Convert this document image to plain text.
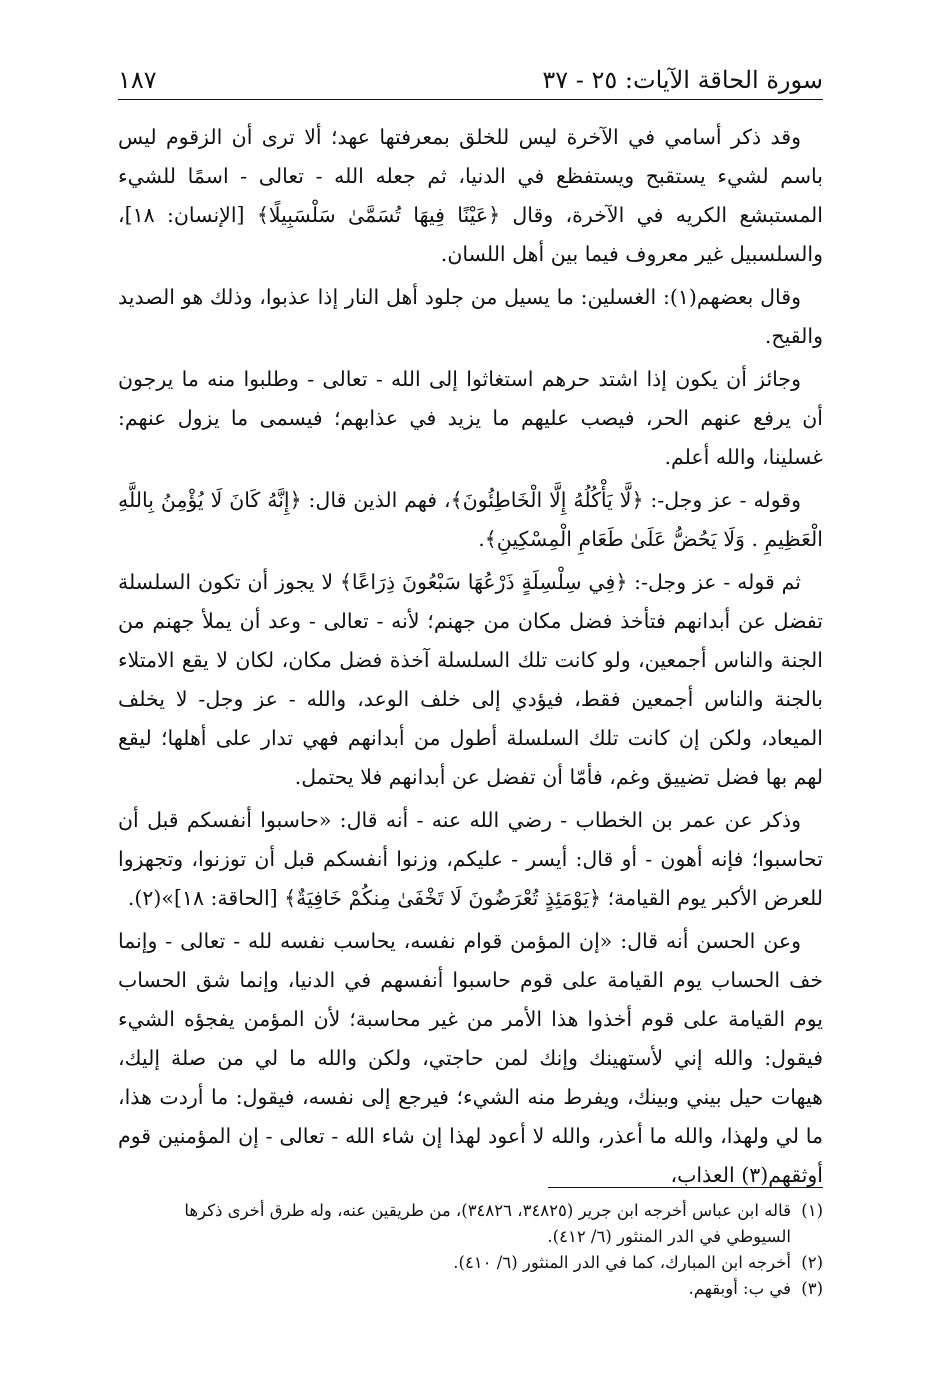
سورة الحاقة الآيات: ٢٥ - ٣٧
١٨٧

وقد ذكر أسامي في الآخرة ليس للخلق بمعرفتها عهد؛ ألا ترى أن الزقوم ليس باسم لشيء يستقبح ويستفظع في الدنيا، ثم جعله الله - تعالى - اسمًا للشيء المستبشع الكريه في الآخرة، وقال ﴿عَيْنًا فِيهَا تُسَمَّىٰ سَلْسَبِيلًا﴾ [الإنسان: ١٨]، والسلسبيل غير معروف فيما بين أهل اللسان.

وقال بعضهم(١): الغسلين: ما يسيل من جلود أهل النار إذا عذبوا، وذلك هو الصديد والقيح.

وجائز أن يكون إذا اشتد حرهم استغاثوا إلى الله - تعالى - وطلبوا منه ما يرجون أن يرفع عنهم الحر، فيصب عليهم ما يزيد في عذابهم؛ فيسمى ما يزول عنهم: غسلينا، والله أعلم.

وقوله - عز وجل-: ﴿لَّا يَأْكُلُهُ إِلَّا الْخَاطِئُونَ﴾، فهم الذين قال: ﴿إِنَّهُ كَانَ لَا يُؤْمِنُ بِاللَّهِ الْعَظِيمِ . وَلَا يَحُضُّ عَلَىٰ طَعَامِ الْمِسْكِينِ﴾.

ثم قوله - عز وجل-: ﴿فِي سِلْسِلَةٍ ذَرْعُهَا سَبْعُونَ ذِرَاعًا﴾ لا يجوز أن تكون السلسلة تفضل عن أبدانهم فتأخذ فضل مكان من جهنم؛ لأنه - تعالى - وعد أن يملأ جهنم من الجنة والناس أجمعين، ولو كانت تلك السلسلة آخذة فضل مكان، لكان لا يقع الامتلاء بالجنة والناس أجمعين فقط، فيؤدي إلى خلف الوعد، والله - عز وجل- لا يخلف الميعاد، ولكن إن كانت تلك السلسلة أطول من أبدانهم فهي تدار على أهلها؛ ليقع لهم بها فضل تضييق وغم، فأمّا أن تفضل عن أبدانهم فلا يحتمل.

وذكر عن عمر بن الخطاب - رضي الله عنه - أنه قال: «حاسبوا أنفسكم قبل أن تحاسبوا؛ فإنه أهون - أو قال: أيسر - عليكم، وزنوا أنفسكم قبل أن توزنوا، وتجهزوا للعرض الأكبر يوم القيامة؛ ﴿يَوْمَئِذٍ تُعْرَضُونَ لَا تَخْفَىٰ مِنكُمْ خَافِيَةٌ﴾ [الحاقة: ١٨]»(٢).

وعن الحسن أنه قال: «إن المؤمن قوام نفسه، يحاسب نفسه لله - تعالى - وإنما خف الحساب يوم القيامة على قوم حاسبوا أنفسهم في الدنيا، وإنما شق الحساب يوم القيامة على قوم أخذوا هذا الأمر من غير محاسبة؛ لأن المؤمن يفجؤه الشيء فيقول: والله إني لأستهينك وإنك لمن حاجتي، ولكن والله ما لي من صلة إليك، هيهات حيل بيني وبينك، ويفرط منه الشيء؛ فيرجع إلى نفسه، فيقول: ما أردت هذا، ما لي ولهذا، والله ما أعذر، والله لا أعود لهذا إن شاء الله - تعالى - إن المؤمنين قوم أوثقهم(٣) العذاب،

(١)
قاله ابن عباس أخرجه ابن جرير (٣٤٨٢٥، ٣٤٨٢٦)، من طريقين عنه، وله طرق أخرى ذكرها السيوطي في الدر المنثور (٦/ ٤١٢).
(٢)
أخرجه ابن المبارك، كما في الدر المنثور (٦/ ٤١٠).
(٣)
في ب: أوبقهم.
